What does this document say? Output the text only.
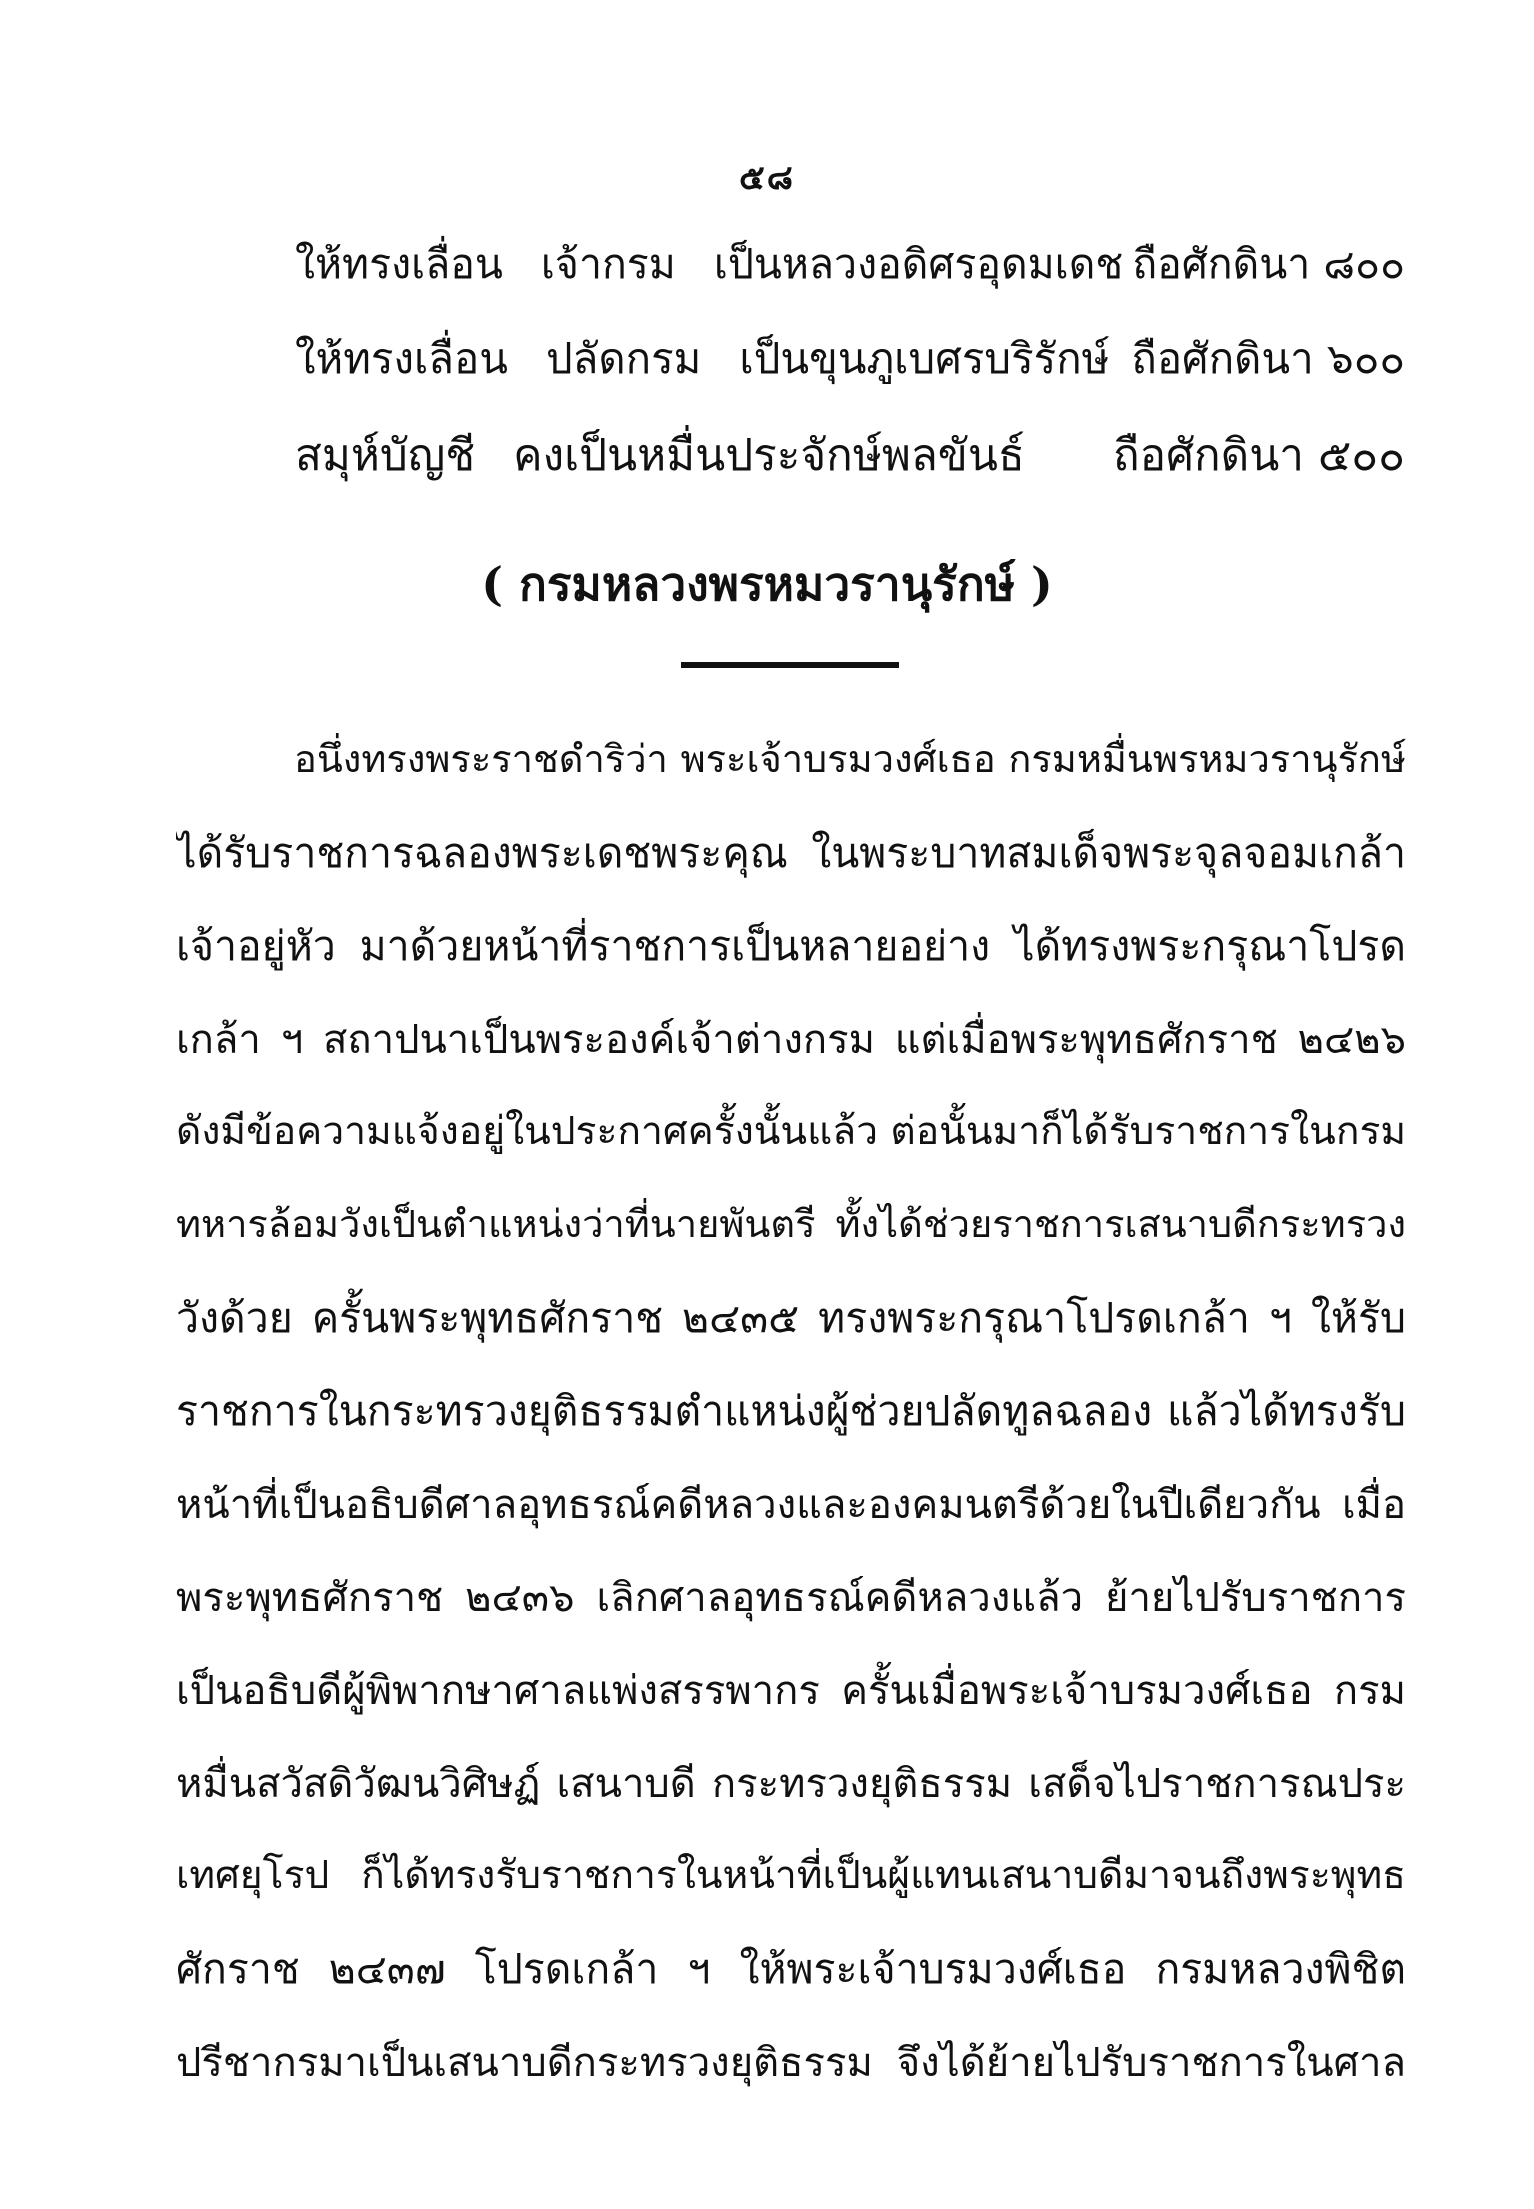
๕๘
ให้ทรงเลื่อน เจ้ากรม เป็นหลวงอดิศรอุดมเดช ถือศักดินา ๘๐๐
ให้ทรงเลื่อน ปลัดกรม เป็นขุนภูเบศรบริรักษ์ ถือศักดินา ๖๐๐
สมุห์บัญชี คงเป็นหมื่นประจักษ์พลขันธ์ ถือศักดินา ๕๐๐
( กรมหลวงพรหมวรานุรักษ์ )
อนึ่งทรงพระราชดำริว่า พระเจ้าบรมวงศ์เธอ กรมหมื่นพรหมวรานุรักษ์
ได้รับราชการฉลองพระเดชพระคุณ ในพระบาทสมเด็จพระจุลจอมเกล้า
เจ้าอยู่หัว มาด้วยหน้าที่ราชการเป็นหลายอย่าง ได้ทรงพระกรุณาโปรด
เกล้า ฯ สถาปนาเป็นพระองค์เจ้าต่างกรม แต่เมื่อพระพุทธศักราช ๒๔๒๖
ดังมีข้อความแจ้งอยู่ในประกาศครั้งนั้นแล้ว ต่อนั้นมาก็ได้รับราชการในกรม
ทหารล้อมวังเป็นตำแหน่งว่าที่นายพันตรี ทั้งได้ช่วยราชการเสนาบดีกระทรวง
วังด้วย ครั้นพระพุทธศักราช ๒๔๓๕ ทรงพระกรุณาโปรดเกล้า ฯ ให้รับ
ราชการในกระทรวงยุติธรรมตำแหน่งผู้ช่วยปลัดทูลฉลอง แล้วได้ทรงรับ
หน้าที่เป็นอธิบดีศาลอุทธรณ์คดีหลวงและองคมนตรีด้วยในปีเดียวกัน เมื่อ
พระพุทธศักราช ๒๔๓๖ เลิกศาลอุทธรณ์คดีหลวงแล้ว ย้ายไปรับราชการ
เป็นอธิบดีผู้พิพากษาศาลแพ่งสรรพากร ครั้นเมื่อพระเจ้าบรมวงศ์เธอ กรม
หมื่นสวัสดิวัฒนวิศิษฏ์ เสนาบดี กระทรวงยุติธรรม เสด็จไปราชการณประ
เทศยุโรป ก็ได้ทรงรับราชการในหน้าที่เป็นผู้แทนเสนาบดีมาจนถึงพระพุทธ
ศักราช ๒๔๓๗ โปรดเกล้า ฯ ให้พระเจ้าบรมวงศ์เธอ กรมหลวงพิชิต
ปรีชากรมาเป็นเสนาบดีกระทรวงยุติธรรม จึงได้ย้ายไปรับราชการในศาล
